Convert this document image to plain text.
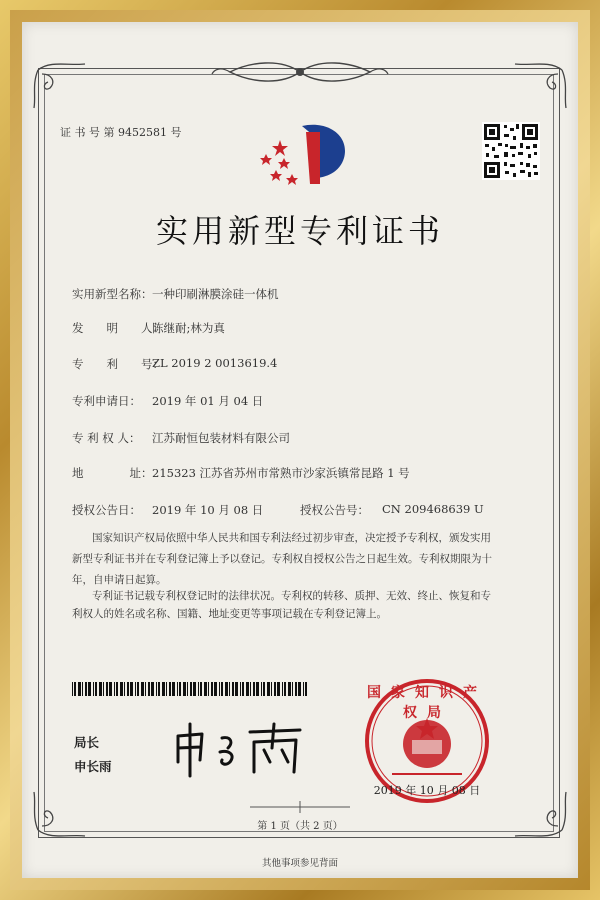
证 书 号 第 9452581 号
实用新型专利证书
实用新型名称： 一种印刷淋膜涂硅一体机
发　　明　　人：
陈继耐;林为真
专　　利　　号：
ZL 2019 2 0013619.4
专利申请日： 2019 年 01 月 04 日
专 利 权 人： 江苏耐恒包装材料有限公司
地　　　　址： 215323 江苏省苏州市常熟市沙家浜镇常昆路 1 号
授权公告日： 2019 年 10 月 08 日	授权公告号： CN 209468639 U
国家知识产权局依照中华人民共和国专利法经过初步审查，决定授予专利权，颁发实用
新型专利证书并在专利登记簿上予以登记。专利权自授权公告之日起生效。专利权期限为十
年，自申请日起算。
专利证书记载专利权登记时的法律状况。专利权的转移、质押、无效、终止、恢复和专
利权人的姓名或名称、国籍、地址变更等事项记载在专利登记簿上。
局长
申长雨
国家知识产权局
2019 年 10 月 08 日
第 1 页（共 2 页）
其他事项参见背面
